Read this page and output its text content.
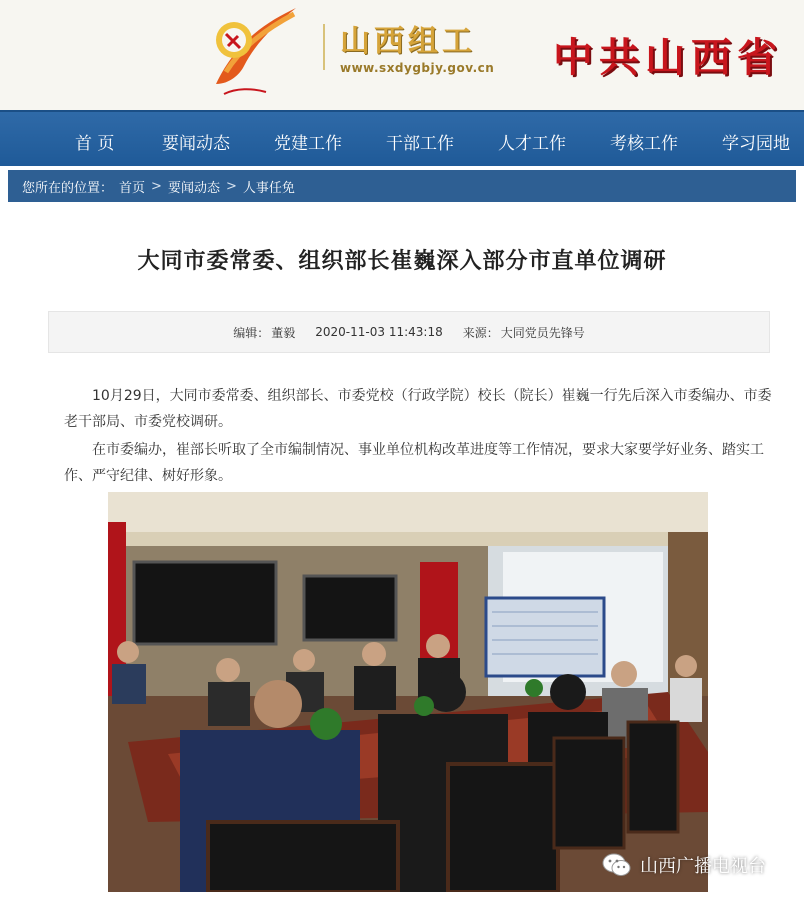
山西组工
www.sxdygbjy.gov.cn 中共山西省
首 页	要闻动态	党建工作	干部工作	人才工作	考核工作	学习园地
您所在的位置： 首页 > 要闻动态 > 人事任免
大同市委常委、组织部长崔巍深入部分市直单位调研
编辑： 董毅 2020-11-03 11:43:18 来源： 大同党员先锋号

10月29日，大同市委常委、组织部长、市委党校（行政学院）校长（院长）崔巍一行先后深入市委编办、市委老干部局、市委党校调研。

在市委编办，崔部长听取了全市编制情况、事业单位机构改革进度等工作情况，要求大家要学好业务、踏实工作、严守纪律、树好形象。

山西广播电视台
